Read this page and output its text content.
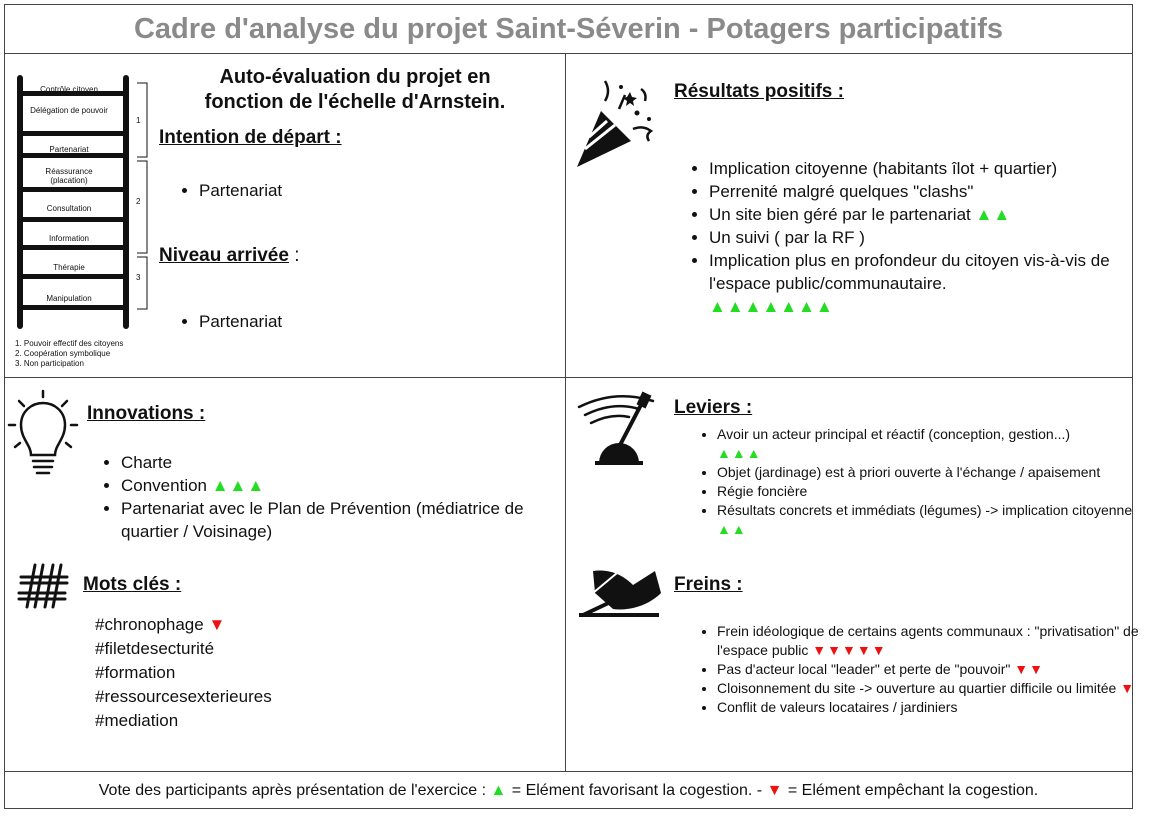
Cadre d'analyse du projet Saint-Séverin - Potagers participatifs
Contrôle citoyen
Délégation de pouvoir
Partenariat
Réassurance (placation)
Consultation
Information
Thérapie
Manipulation
1
2
3
1. Pouvoir effectif des citoyens
2. Coopération symbolique
3. Non participation
Auto-évaluation du projet en
fonction de l'échelle d'Arnstein.
Intention de départ :
• Partenariat
Niveau arrivée :
• Partenariat
Résultats positifs :
• Implication citoyenne (habitants îlot + quartier)
• Perrenité malgré quelques "clashs"
• Un site bien géré par le partenariat ▲▲
• Un suivi ( par la RF )
• Implication plus en profondeur du citoyen vis-à-vis de l'espace public/communautaire.
▲▲▲▲▲▲▲
Innovations :
• Charte
• Convention ▲▲▲
• Partenariat avec le Plan de Prévention (médiatrice de quartier / Voisinage)
Mots clés :
#chronophage ▼
#filetdesecturité
#formation
#ressourcesexterieures
#mediation
Leviers :
• Avoir un acteur principal et réactif (conception, gestion...)
▲▲▲
• Objet (jardinage) est à priori ouverte à l'échange / apaisement
• Régie foncière
• Résultats concrets et immédiats (légumes) -> implication citoyenne ▲▲
Freins :
• Frein idéologique de certains agents communaux : "privatisation" de l'espace public ▼▼▼▼▼
• Pas d'acteur local "leader" et perte de "pouvoir" ▼▼
• Cloisonnement du site -> ouverture au quartier difficile ou limitée ▼
• Conflit de valeurs locataires / jardiniers
Vote des participants après présentation de l'exercice : ▲ = Elément favorisant la cogestion. - ▼ = Elément empêchant la cogestion.
